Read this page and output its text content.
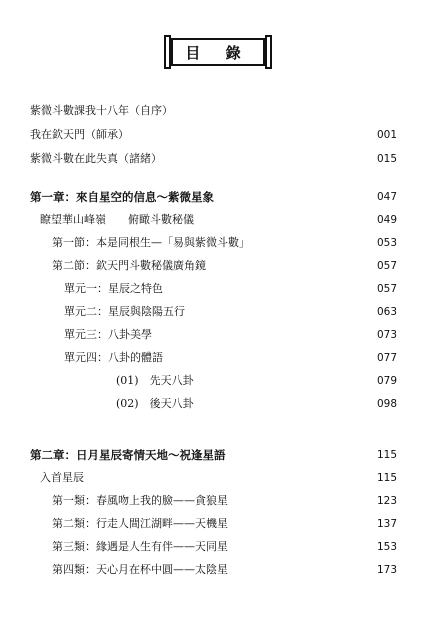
目 錄
紫微斗數課我十八年（自序）
我在欽天門（師承）	001
紫微斗數在此失真（諸緒）	015
第一章：來自星空的信息～紫微星象	047
瞭望華山峰嶺　　俯瞰斗數秘儀	049
第一節：本是同根生—「易與紫微斗數」	053
第二節：欽天門斗數秘儀廣角鏡	057
單元一：星辰之特色	057
單元二：星辰與陰陽五行	063
單元三：八卦美學	073
單元四：八卦的體語	077
(01)　先天八卦	079
(02)　後天八卦	098
第二章：日月星辰寄情天地～祝逢星語	115
入首星辰	115
第一類：春風吻上我的臉——貪狼星	123
第二類：行走人間江湖畔——天機星	137
第三類：緣遇是人生有伴——天同星	153
第四類：天心月在杯中圓——太陰星	173
